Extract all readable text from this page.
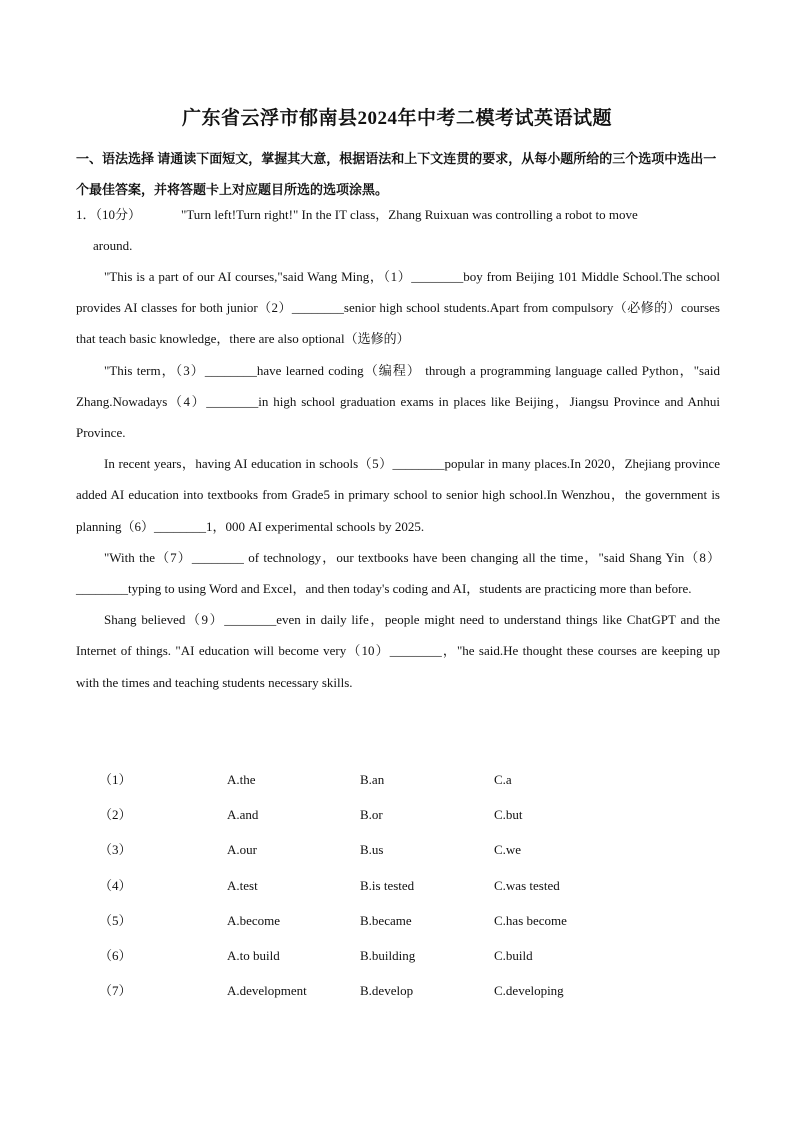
广东省云浮市郁南县2024年中考二模考试英语试题
一、语法选择 请通读下面短文，掌握其大意，根据语法和上下文连贯的要求，从每小题所给的三个选项中选出一个最佳答案，并将答题卡上对应题目所选的选项涂黑。
1．（10分）	"Turn left!Turn right!" In the IT class，Zhang Ruixuan was controlling a robot to move
around.

"This is a part of our AI courses,"said Wang Ming，（1）________boy from Beijing 101 Middle School.The school provides AI classes for both junior（2）________senior high school students.Apart from compulsory（必修的）courses that teach basic knowledge，there are also optional（选修的）

"This term，（3）________have learned coding（编程） through a programming language called Python，"said Zhang.Nowadays（4）________in high school graduation exams in places like Beijing，Jiangsu Province and Anhui Province.

In recent years，having AI education in schools（5）________popular in many places.In 2020，Zhejiang province added AI education into textbooks from Grade5 in primary school to senior high school.In Wenzhou，the government is planning（6）________1，000 AI experimental schools by 2025.

"With the（7）________ of technology，our textbooks have been changing all the time，"said Shang Yin（8）________typing to using Word and Excel，and then today's coding and AI，students are practicing more than before.

Shang believed（9）________even in daily life，people might need to understand things like ChatGPT and the Internet of things. "AI education will become very（10）________，"he said.He thought these courses are keeping up with the times and teaching students necessary skills.

（1）	A.the	B.an	C.a
（2）	A.and	B.or	C.but
（3）	A.our	B.us	C.we
（4）	A.test	B.is tested	C.was tested
（5）	A.become	B.became	C.has become
（6）	A.to build	B.building	C.build
（7）	A.development	B.develop	C.developing
